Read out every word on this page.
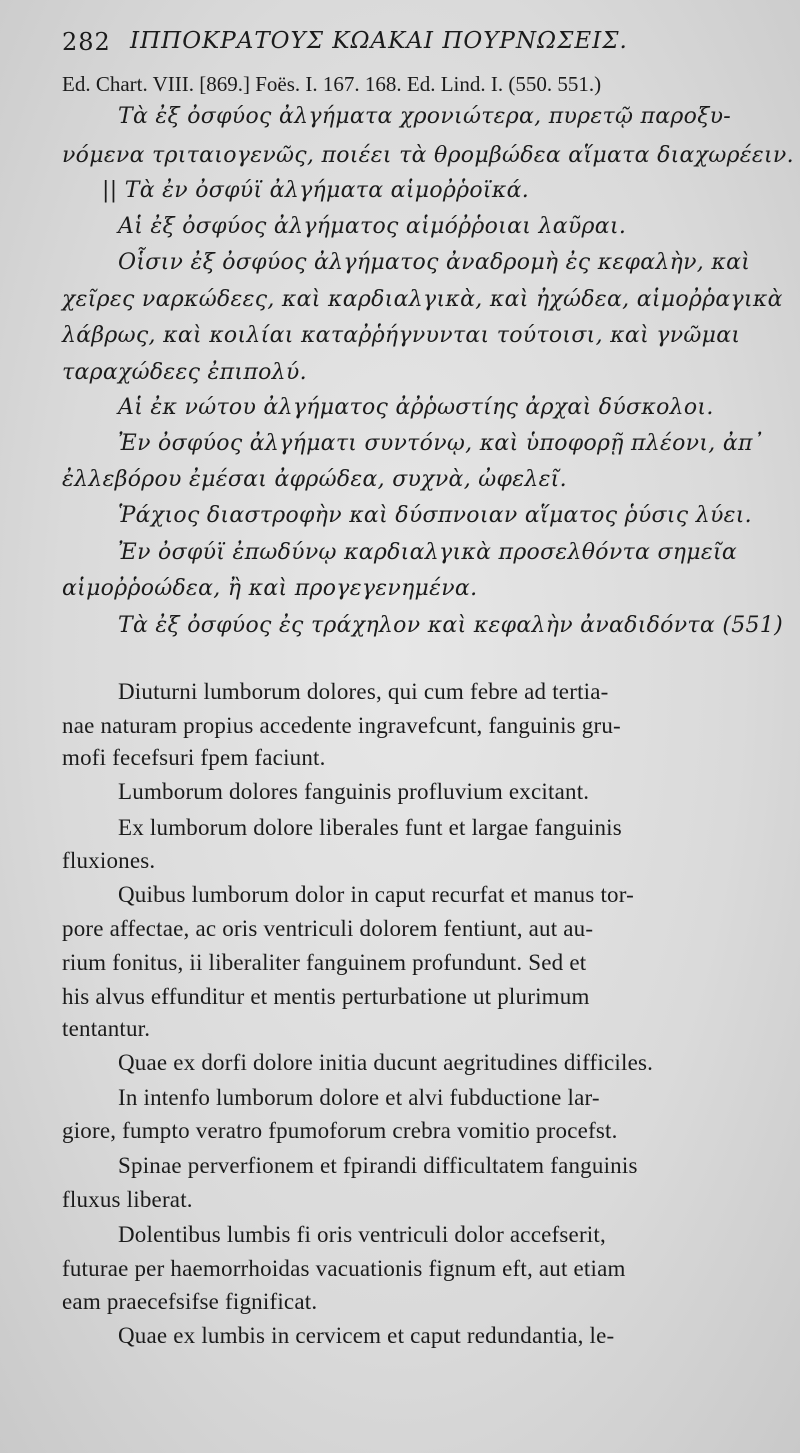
282 ΙΠΠΟΚΡΑΤΟΥΣ ΚΩΑΚΑΙ ΠΟΥΡΝΩΣΕΙΣ.
Ed. Chart. VIII. [869.] Foës. I. 167. 168. Ed. Lind. I. (550. 551.)
Τὰ ἐξ ὀσφύος ἀλγήματα χρονιώτερα, πυρετῷ παροξυ-
νόμενα τριταιογενῶς, ποιέει τὰ θρομβώδεα αἵματα διαχωρέειν.
|| Τὰ ἐν ὀσφύϊ ἀλγήματα αἱμοῤῥοϊκά.
Αἱ ἐξ ὀσφύος ἀλγήματος αἱμόῤῥοιαι λαῦραι.
Οἷσιν ἐξ ὀσφύος ἀλγήματος ἀναδρομὴ ἐς κεφαλὴν, καὶ
χεῖρες ναρκώδεες, καὶ καρδιαλγικὰ, καὶ ἠχώδεα, αἱμοῤῥαγικὰ
λάβρως, καὶ κοιλίαι καταῤῥήγνυνται τούτοισι, καὶ γνῶμαι
ταραχώδεες ἐπιπολύ.
Αἱ ἐκ νώτου ἀλγήματος ἀῤῥωστίης ἀρχαὶ δύσκολοι.
Ἐν ὀσφύος ἀλγήματι συντόνῳ, καὶ ὑποφορῇ πλέονι, ἀπ᾿
ἐλλεβόρου ἐμέσαι ἀφρώδεα, συχνὰ, ὠφελεῖ.
Ῥάχιος διαστροφὴν καὶ δύσπνοιαν αἵματος ῥύσις λύει.
Ἐν ὀσφύϊ ἐπωδύνῳ καρδιαλγικὰ προσελθόντα σημεῖα
αἱμοῤῥοώδεα, ἢ καὶ προγεγενημένα.
Τὰ ἐξ ὀσφύος ἐς τράχηλον καὶ κεφαλὴν ἀναδιδόντα (551)
Diuturni lumborum dolores, qui cum febre ad tertia-
nae naturam propius accedente ingravefcunt, fanguinis gru-
mofi fecefsuri fpem faciunt.
Lumborum dolores fanguinis profluvium excitant.
Ex lumborum dolore liberales funt et largae fanguinis
fluxiones.
Quibus lumborum dolor in caput recurfat et manus tor-
pore affectae, ac oris ventriculi dolorem fentiunt, aut au-
rium fonitus, ii liberaliter fanguinem profundunt. Sed et
his alvus effunditur et mentis perturbatione ut plurimum
tentantur.
Quae ex dorfi dolore initia ducunt aegritudines difficiles.
In intenfo lumborum dolore et alvi fubductione lar-
giore, fumpto veratro fpumoforum crebra vomitio procefst.
Spinae perverfionem et fpirandi difficultatem fanguinis
fluxus liberat.
Dolentibus lumbis fi oris ventriculi dolor accefserit,
futurae per haemorrhoidas vacuationis fignum eft, aut etiam
eam praecefsifse fignificat.
Quae ex lumbis in cervicem et caput redundantia, le-
